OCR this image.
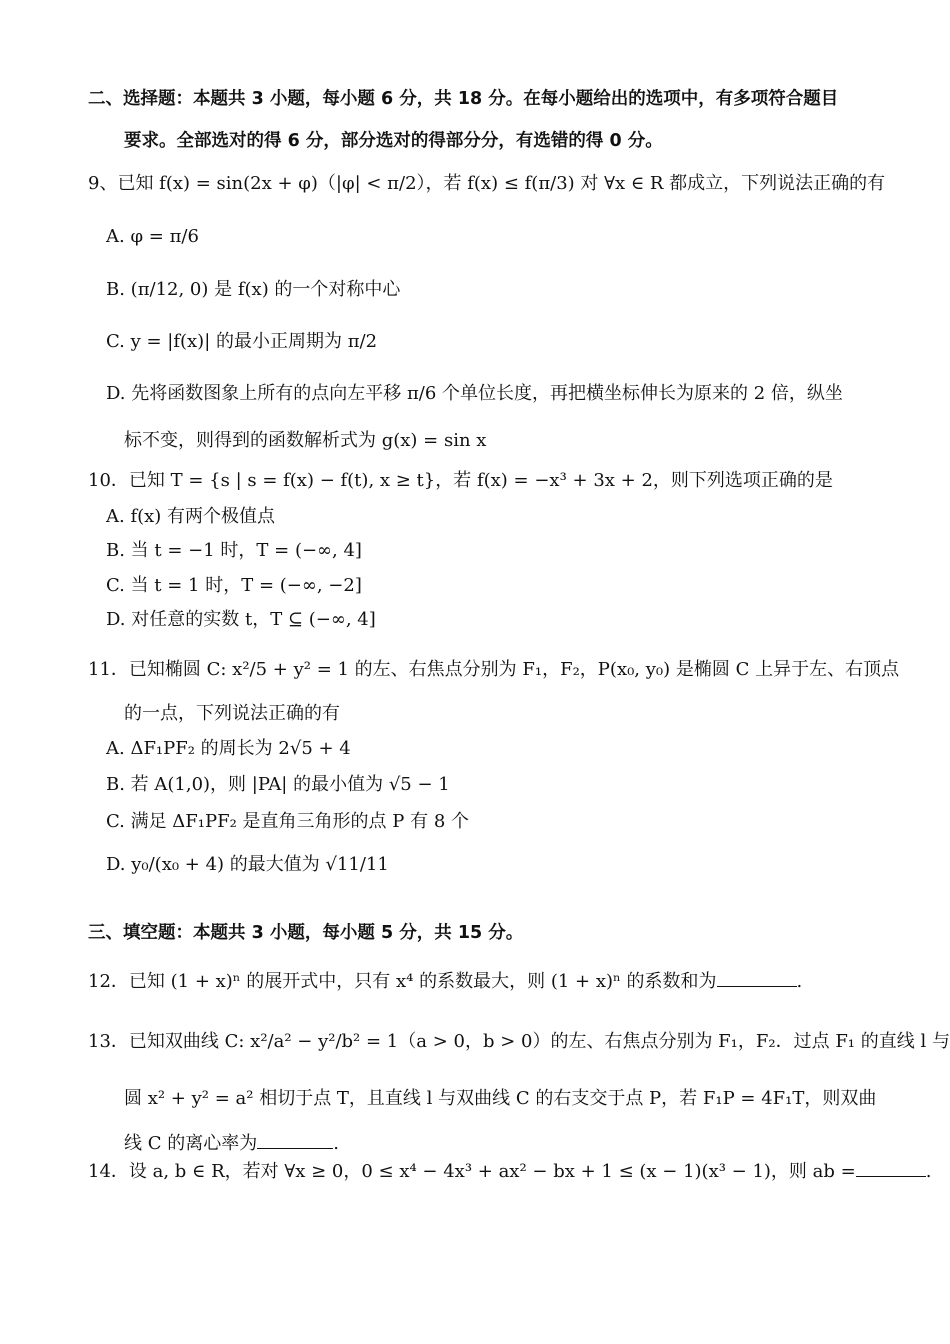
二、选择题：本题共 3 小题，每小题 6 分，共 18 分。在每小题给出的选项中，有多项符合题目
要求。全部选对的得 6 分，部分选对的得部分分，有选错的得 0 分。
9、已知 f(x) = sin(2x + φ)（|φ| < π/2），若 f(x) ≤ f(π/3) 对 ∀x ∈ R 都成立，下列说法正确的有
A. φ = π/6
B. (π/12, 0) 是 f(x) 的一个对称中心
C. y = |f(x)| 的最小正周期为 π/2
D. 先将函数图象上所有的点向左平移 π/6 个单位长度，再把横坐标伸长为原来的 2 倍，纵坐
标不变，则得到的函数解析式为 g(x) = sin x
10．已知 T = {s | s = f(x) − f(t), x ≥ t}，若 f(x) = −x³ + 3x + 2，则下列选项正确的是
A. f(x) 有两个极值点
B. 当 t = −1 时，T = (−∞, 4]
C. 当 t = 1 时，T = (−∞, −2]
D. 对任意的实数 t，T ⊆ (−∞, 4]
11．已知椭圆 C: x²/5 + y² = 1 的左、右焦点分别为 F₁，F₂，P(x₀, y₀) 是椭圆 C 上异于左、右顶点
的一点，下列说法正确的有
A. ΔF₁PF₂ 的周长为 2√5 + 4
B. 若 A(1,0)，则 |PA| 的最小值为 √5 − 1
C. 满足 ΔF₁PF₂ 是直角三角形的点 P 有 8 个
D. y₀/(x₀ + 4) 的最大值为 √11/11
三、填空题：本题共 3 小题，每小题 5 分，共 15 分。
12．已知 (1 + x)ⁿ 的展开式中，只有 x⁴ 的系数最大，则 (1 + x)ⁿ 的系数和为	.
13．已知双曲线 C: x²/a² − y²/b² = 1（a > 0，b > 0）的左、右焦点分别为 F₁，F₂．过点 F₁ 的直线 l 与
圆 x² + y² = a² 相切于点 T，且直线 l 与双曲线 C 的右支交于点 P，若 F₁P = 4F₁T，则双曲
线 C 的离心率为	.
14．设 a, b ∈ R，若对 ∀x ≥ 0，0 ≤ x⁴ − 4x³ + ax² − bx + 1 ≤ (x − 1)(x³ − 1)，则 ab =	.
